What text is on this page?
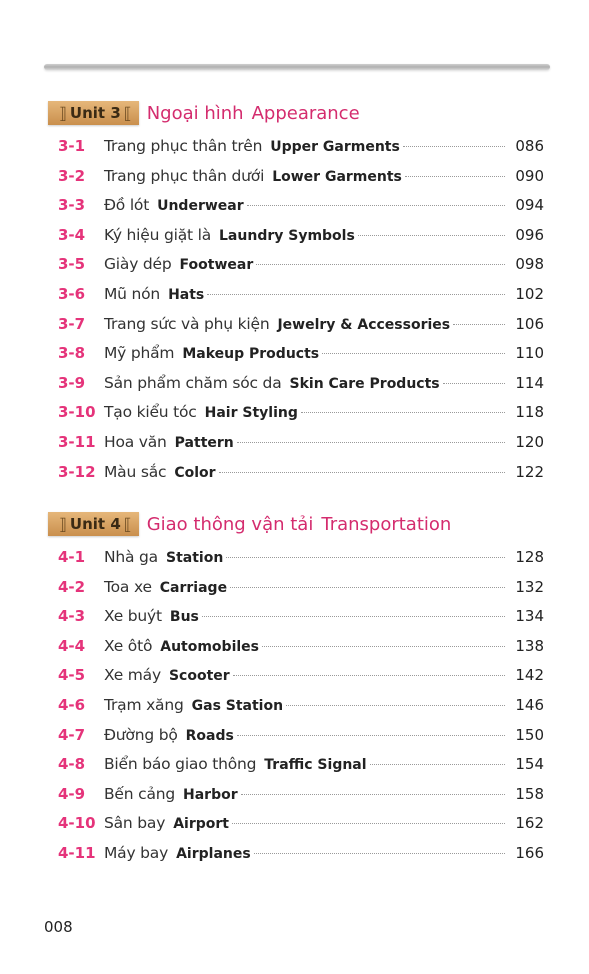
⟧ Unit 3 ⟦ Ngoại hình Appearance
3-1	Trang phục thân trên Upper Garments	086
3-2	Trang phục thân dưới Lower Garments	090
3-3	Đồ lót Underwear	094
3-4	Ký hiệu giặt là Laundry Symbols	096
3-5	Giày dép Footwear	098
3-6	Mũ nón Hats	102
3-7	Trang sức và phụ kiện Jewelry & Accessories	106
3-8	Mỹ phẩm Makeup Products	110
3-9	Sản phẩm chăm sóc da Skin Care Products	114
3-10 Tạo kiểu tóc Hair Styling	118
3-11 Hoa văn Pattern	120
3-12 Màu sắc Color	122
⟧ Unit 4 ⟦ Giao thông vận tải Transportation
4-1	Nhà ga Station	128
4-2	Toa xe Carriage	132
4-3	Xe buýt Bus	134
4-4	Xe ôtô Automobiles	138
4-5	Xe máy Scooter	142
4-6	Trạm xăng Gas Station	146
4-7	Đường bộ Roads	150
4-8	Biển báo giao thông Traffic Signal	154
4-9	Bến cảng Harbor	158
4-10 Sân bay Airport	162
4-11 Máy bay Airplanes	166
008
